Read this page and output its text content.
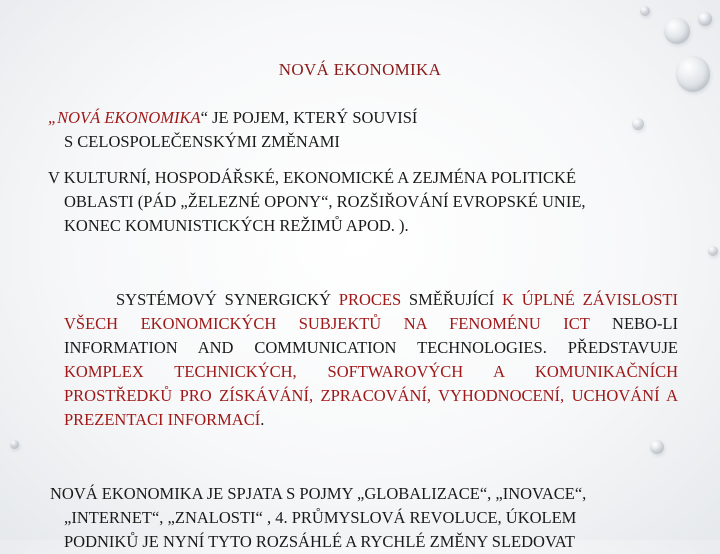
NOVÁ EKONOMIKA
„NOVÁ EKONOMIKA“ JE POJEM, KTERÝ SOUVISÍ
S CELOSPOLEČENSKÝMI ZMĚNAMI
V KULTURNÍ, HOSPODÁŘSKÉ, EKONOMICKÉ A ZEJMÉNA POLITICKÉ
OBLASTI (PÁD „ŽELEZNÉ OPONY“, ROZŠIŘOVÁNÍ EVROPSKÉ UNIE,
KONEC KOMUNISTICKÝCH REŽIMŮ APOD. ).
SYSTÉMOVÝ SYNERGICKÝ PROCES SMĚŘUJÍCÍ K ÚPLNÉ ZÁVISLOSTI VŠECH EKONOMICKÝCH SUBJEKTŮ NA FENOMÉNU ICT NEBO-LI INFORMATION AND COMMUNICATION TECHNOLOGIES. PŘEDSTAVUJE KOMPLEX TECHNICKÝCH, SOFTWAROVÝCH A KOMUNIKAČNÍCH PROSTŘEDKŮ PRO ZÍSKÁVÁNÍ, ZPRACOVÁNÍ, VYHODNOCENÍ, UCHOVÁNÍ A PREZENTACI INFORMACÍ.
NOVÁ EKONOMIKA JE SPJATA S POJMY „GLOBALIZACE“, „INOVACE“,
„INTERNET“, „ZNALOSTI“ , 4. PRŮMYSLOVÁ REVOLUCE, ÚKOLEM
PODNIKŮ JE NYNÍ TYTO ROZSÁHLÉ A RYCHLÉ ZMĚNY SLEDOVAT
